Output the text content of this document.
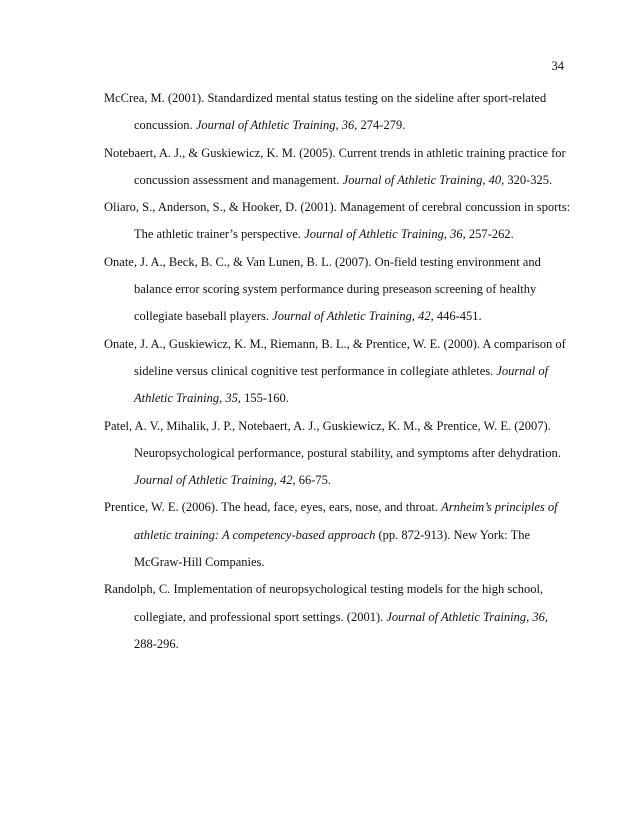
34
McCrea, M. (2001). Standardized mental status testing on the sideline after sport-related concussion. Journal of Athletic Training, 36, 274-279.
Notebaert, A. J., & Guskiewicz, K. M. (2005). Current trends in athletic training practice for concussion assessment and management. Journal of Athletic Training, 40, 320-325.
Oliaro, S., Anderson, S., & Hooker, D. (2001). Management of cerebral concussion in sports: The athletic trainer’s perspective. Journal of Athletic Training, 36, 257-262.
Onate, J. A., Beck, B. C., & Van Lunen, B. L. (2007). On-field testing environment and balance error scoring system performance during preseason screening of healthy collegiate baseball players. Journal of Athletic Training, 42, 446-451.
Onate, J. A., Guskiewicz, K. M., Riemann, B. L., & Prentice, W. E. (2000). A comparison of sideline versus clinical cognitive test performance in collegiate athletes. Journal of Athletic Training, 35, 155-160.
Patel, A. V., Mihalik, J. P., Notebaert, A. J., Guskiewicz, K. M., & Prentice, W. E. (2007). Neuropsychological performance, postural stability, and symptoms after dehydration. Journal of Athletic Training, 42, 66-75.
Prentice, W. E. (2006). The head, face, eyes, ears, nose, and throat. Arnheim’s principles of athletic training: A competency-based approach (pp. 872-913). New York: The McGraw-Hill Companies.
Randolph, C. Implementation of neuropsychological testing models for the high school, collegiate, and professional sport settings. (2001). Journal of Athletic Training, 36, 288-296.
